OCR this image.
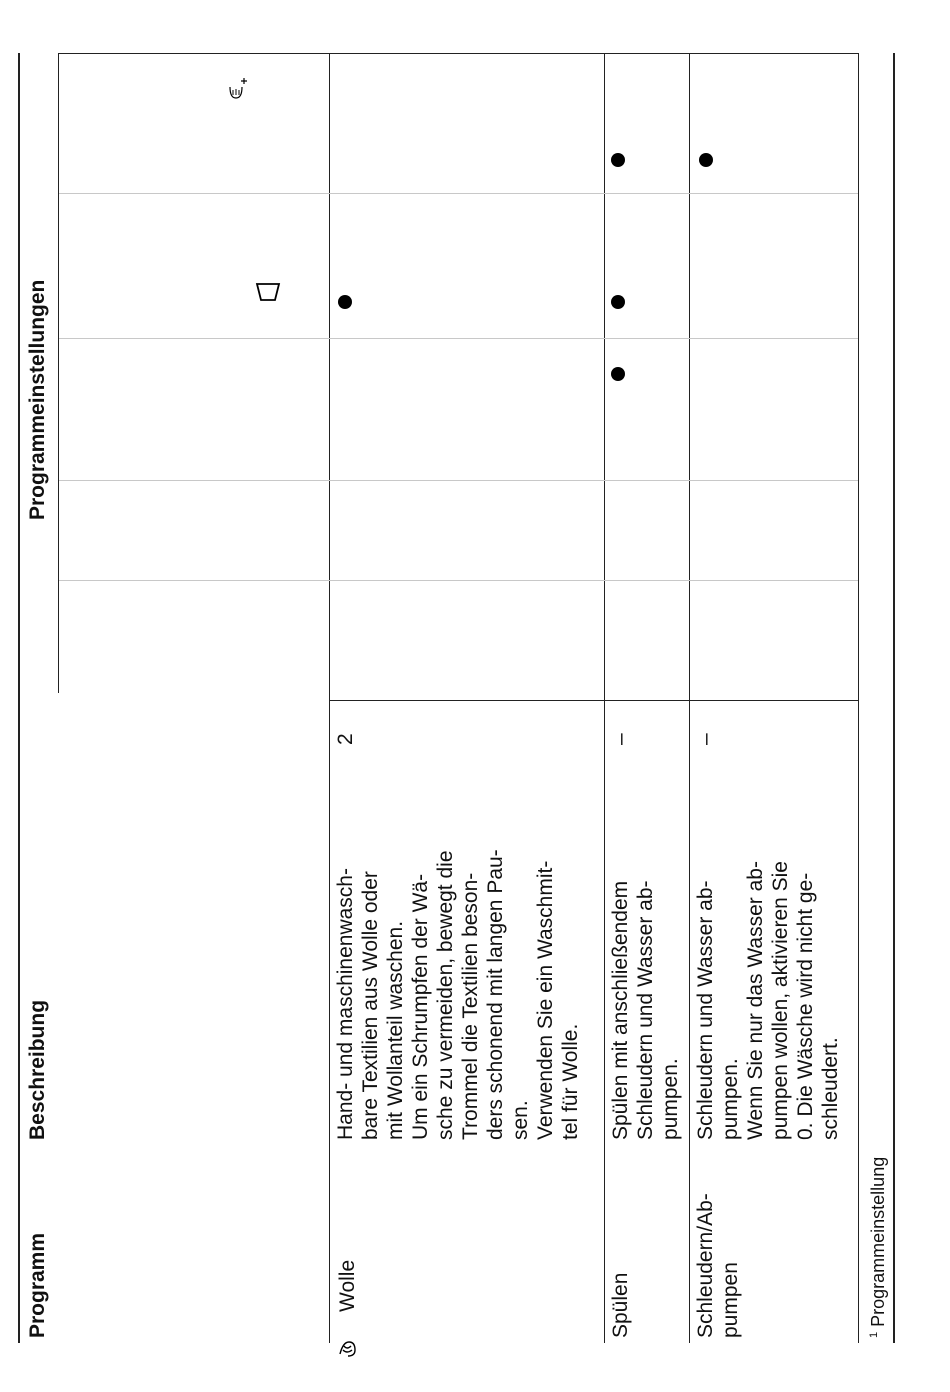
Programm
Beschreibung
Programmeinstellungen
Wolle
Hand- und maschinenwasch- bare Textilien aus Wolle oder mit Wollanteil waschen. Um ein Schrumpfen der Wä- sche zu vermeiden, bewegt die Trommel die Textilien beson- ders schonend mit langen Pau- sen. Verwenden Sie ein Waschmit- tel für Wolle.
2
Spülen
Spülen mit anschließendem Schleudern und Wasser ab- pumpen.
–
Schleudern/Ab- pumpen
Schleudern und Wasser ab- pumpen. Wenn Sie nur das Wasser ab- pumpen wollen, aktivieren Sie 0. Die Wäsche wird nicht ge- schleudert.
–
$^1$ Programmeinstellung
